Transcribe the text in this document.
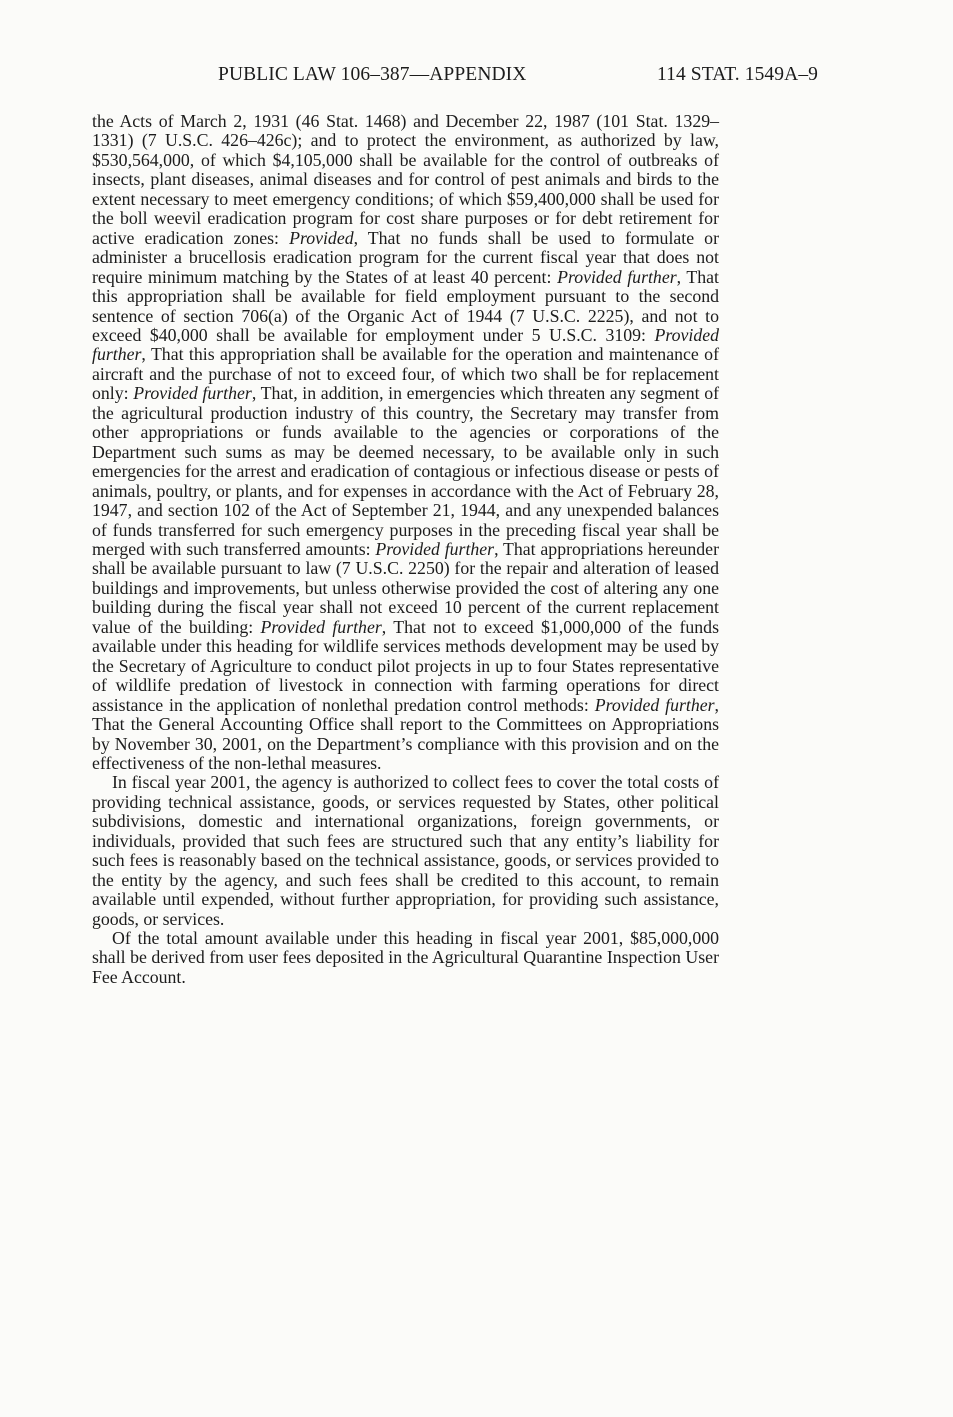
PUBLIC LAW 106–387—APPENDIX	114 STAT. 1549A–9

the Acts of March 2, 1931 (46 Stat. 1468) and December 22, 1987 (101 Stat. 1329–1331) (7 U.S.C. 426–426c); and to protect the environment, as authorized by law, $530,564,000, of which $4,105,000 shall be available for the control of outbreaks of insects, plant diseases, animal diseases and for control of pest animals and birds to the extent necessary to meet emergency conditions; of which $59,400,000 shall be used for the boll weevil eradication program for cost share purposes or for debt retirement for active eradication zones: Provided, That no funds shall be used to formulate or administer a brucellosis eradication program for the current fiscal year that does not require minimum matching by the States of at least 40 percent: Provided further, That this appropriation shall be available for field employment pursuant to the second sentence of section 706(a) of the Organic Act of 1944 (7 U.S.C. 2225), and not to exceed $40,000 shall be available for employment under 5 U.S.C. 3109: Provided further, That this appropriation shall be available for the operation and maintenance of aircraft and the purchase of not to exceed four, of which two shall be for replacement only: Provided further, That, in addition, in emergencies which threaten any segment of the agricultural production industry of this country, the Secretary may transfer from other appropriations or funds available to the agencies or corporations of the Department such sums as may be deemed necessary, to be available only in such emergencies for the arrest and eradication of contagious or infectious disease or pests of animals, poultry, or plants, and for expenses in accordance with the Act of February 28, 1947, and section 102 of the Act of September 21, 1944, and any unexpended balances of funds transferred for such emergency purposes in the preceding fiscal year shall be merged with such transferred amounts: Provided further, That appropriations hereunder shall be available pursuant to law (7 U.S.C. 2250) for the repair and alteration of leased buildings and improvements, but unless otherwise provided the cost of altering any one building during the fiscal year shall not exceed 10 percent of the current replacement value of the building: Provided further, That not to exceed $1,000,000 of the funds available under this heading for wildlife services methods development may be used by the Secretary of Agriculture to conduct pilot projects in up to four States representative of wildlife predation of livestock in connection with farming operations for direct assistance in the application of nonlethal predation control methods: Provided further, That the General Accounting Office shall report to the Committees on Appropriations by November 30, 2001, on the Department’s compliance with this provision and on the effectiveness of the non-lethal measures.

In fiscal year 2001, the agency is authorized to collect fees to cover the total costs of providing technical assistance, goods, or services requested by States, other political subdivisions, domestic and international organizations, foreign governments, or individuals, provided that such fees are structured such that any entity’s liability for such fees is reasonably based on the technical assistance, goods, or services provided to the entity by the agency, and such fees shall be credited to this account, to remain available until expended, without further appropriation, for providing such assistance, goods, or services.

Of the total amount available under this heading in fiscal year 2001, $85,000,000 shall be derived from user fees deposited in the Agricultural Quarantine Inspection User Fee Account.
